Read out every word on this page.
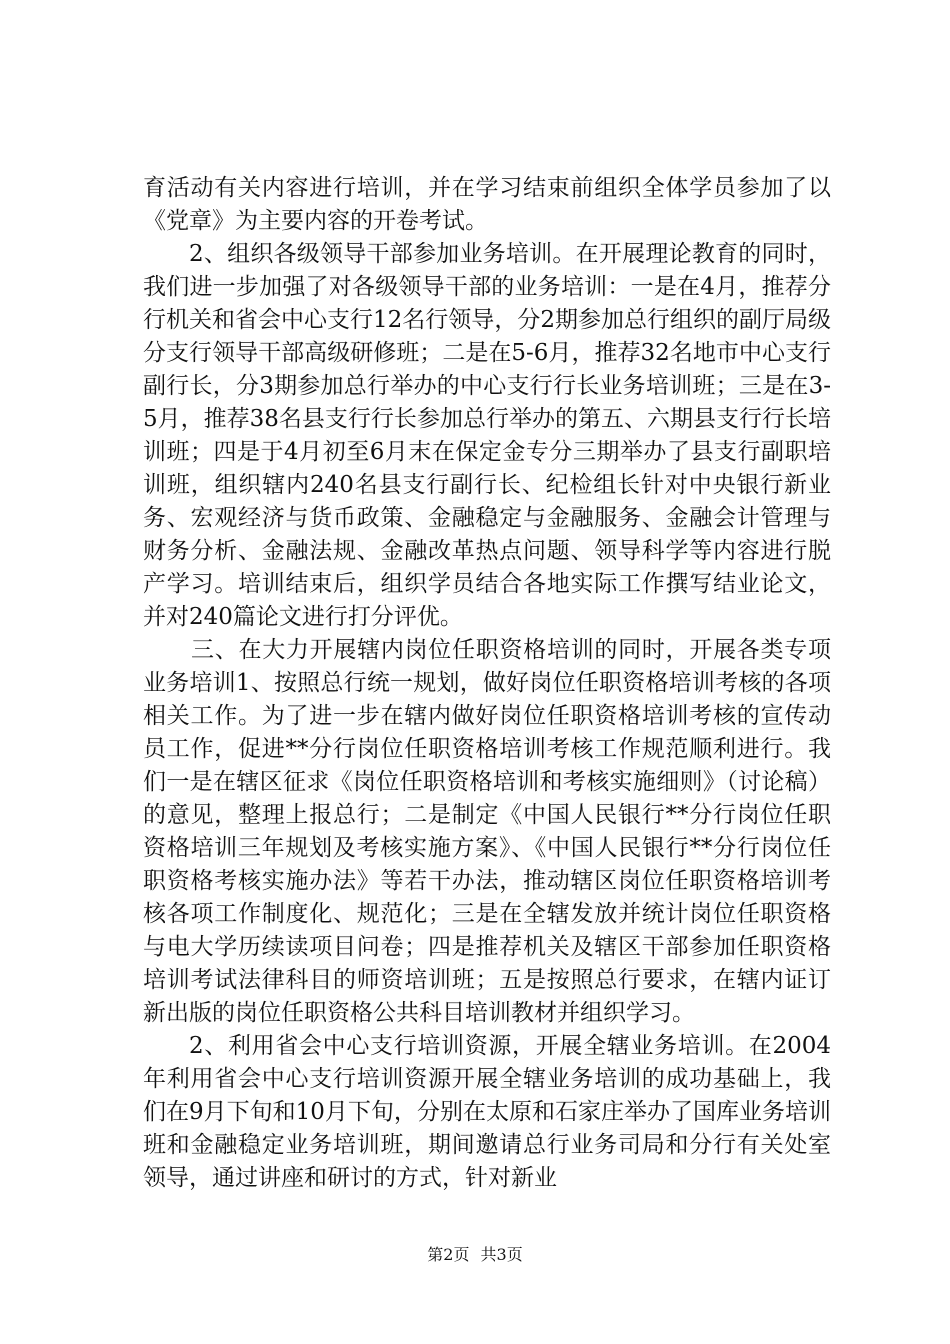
育活动有关内容进行培训，并在学习结束前组织全体学员参加了以《党章》为主要内容的开卷考试。

2、组织各级领导干部参加业务培训。在开展理论教育的同时，我们进一步加强了对各级领导干部的业务培训：一是在4月，推荐分行机关和省会中心支行12名行领导，分2期参加总行组织的副厅局级分支行领导干部高级研修班；二是在5-6月，推荐32名地市中心支行副行长，分3期参加总行举办的中心支行行长业务培训班；三是在3-5月，推荐38名县支行行长参加总行举办的第五、六期县支行行长培训班；四是于4月初至6月末在保定金专分三期举办了县支行副职培训班，组织辖内240名县支行副行长、纪检组长针对中央银行新业务、宏观经济与货币政策、金融稳定与金融服务、金融会计管理与财务分析、金融法规、金融改革热点问题、领导科学等内容进行脱产学习。培训结束后，组织学员结合各地实际工作撰写结业论文，并对240篇论文进行打分评优。

三、在大力开展辖内岗位任职资格培训的同时，开展各类专项业务培训1、按照总行统一规划，做好岗位任职资格培训考核的各项相关工作。为了进一步在辖内做好岗位任职资格培训考核的宣传动员工作，促进**分行岗位任职资格培训考核工作规范顺利进行。我们一是在辖区征求《岗位任职资格培训和考核实施细则》（讨论稿）的意见，整理上报总行；二是制定《中国人民银行**分行岗位任职资格培训三年规划及考核实施方案》、《中国人民银行**分行岗位任职资格考核实施办法》等若干办法，推动辖区岗位任职资格培训考核各项工作制度化、规范化；三是在全辖发放并统计岗位任职资格与电大学历续读项目问卷；四是推荐机关及辖区干部参加任职资格培训考试法律科目的师资培训班；五是按照总行要求，在辖内证订新出版的岗位任职资格公共科目培训教材并组织学习。

2、利用省会中心支行培训资源，开展全辖业务培训。在2004年利用省会中心支行培训资源开展全辖业务培训的成功基础上，我们在9月下旬和10月下旬，分别在太原和石家庄举办了国库业务培训班和金融稳定业务培训班，期间邀请总行业务司局和分行有关处室领导，通过讲座和研讨的方式，针对新业

第2页 共3页
